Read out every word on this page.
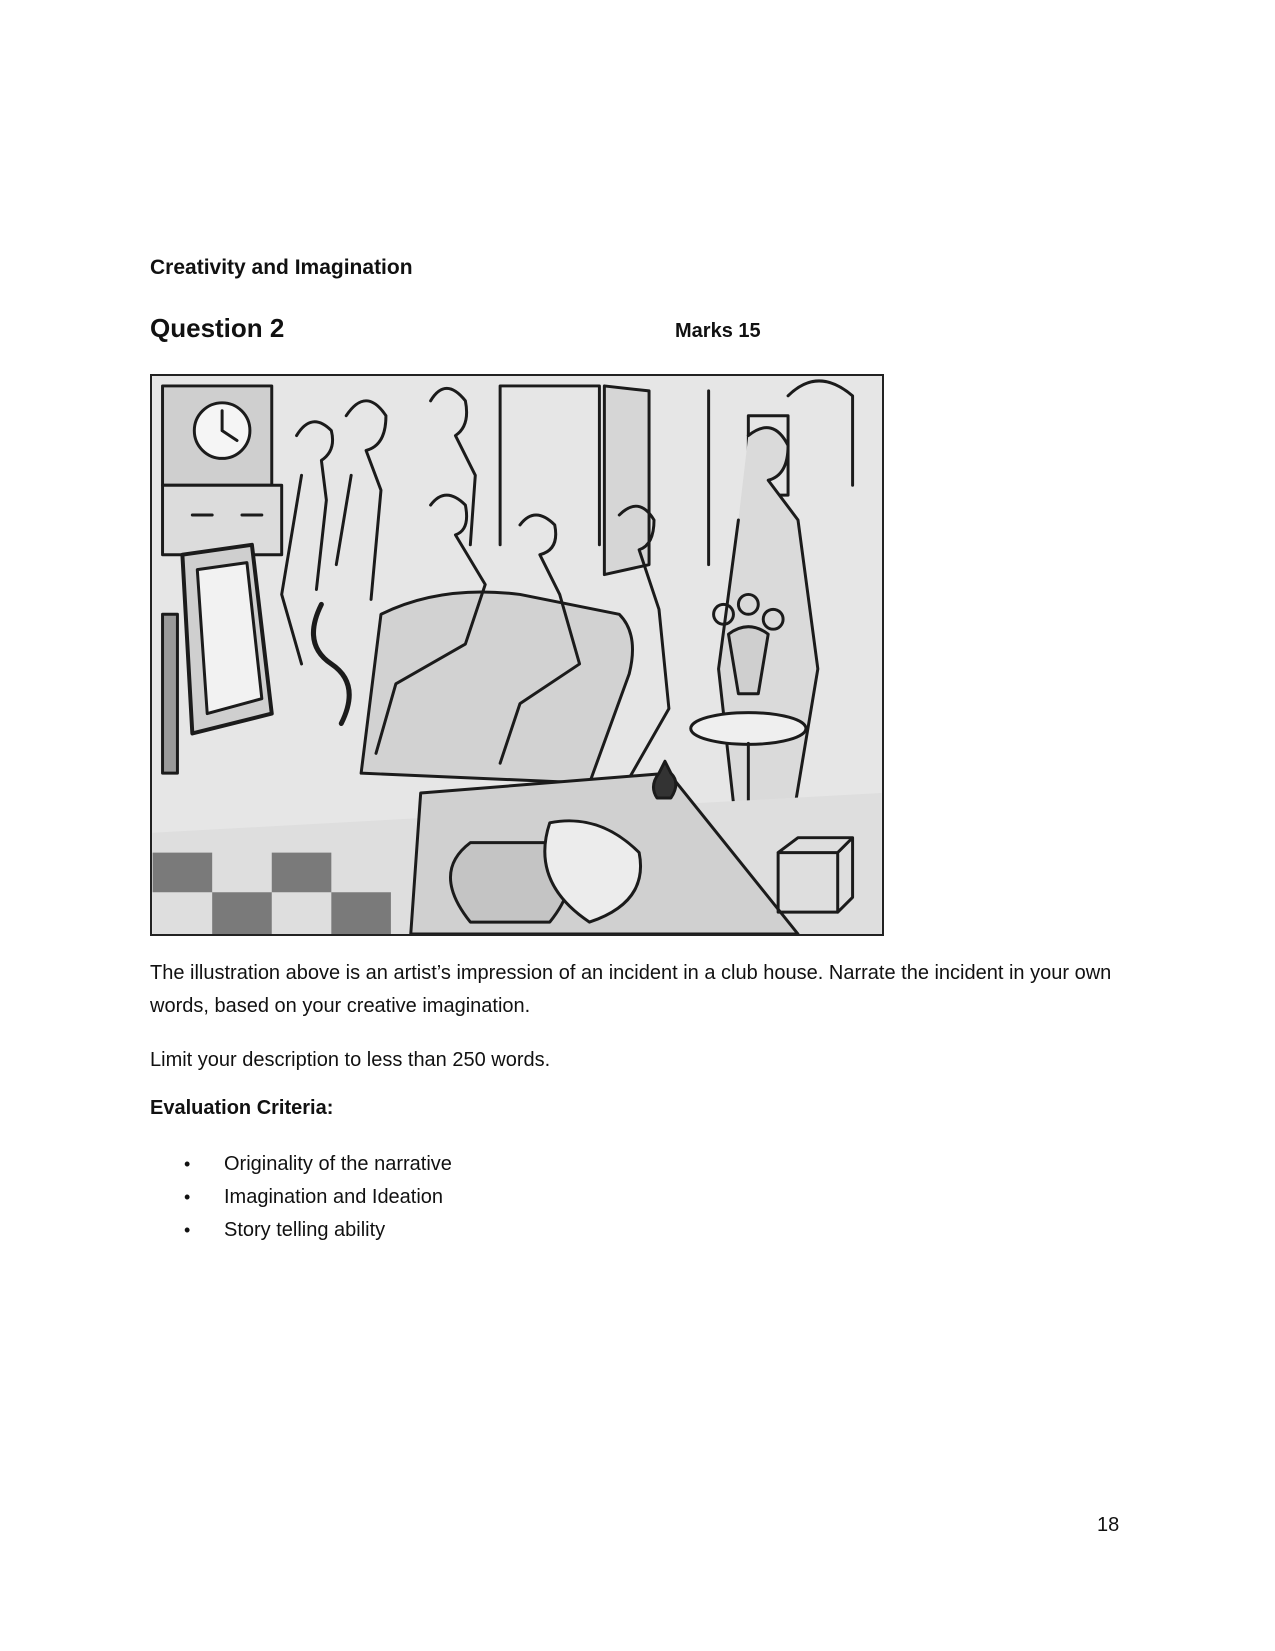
Creativity and Imagination
Question 2	Marks 15
The illustration above is an artist’s impression of an incident in a club house. Narrate the incident in your own words, based on your creative imagination.
Limit your description to less than 250 words.
Evaluation Criteria:
• Originality of the narrative
• Imagination and Ideation
• Story telling ability
18
